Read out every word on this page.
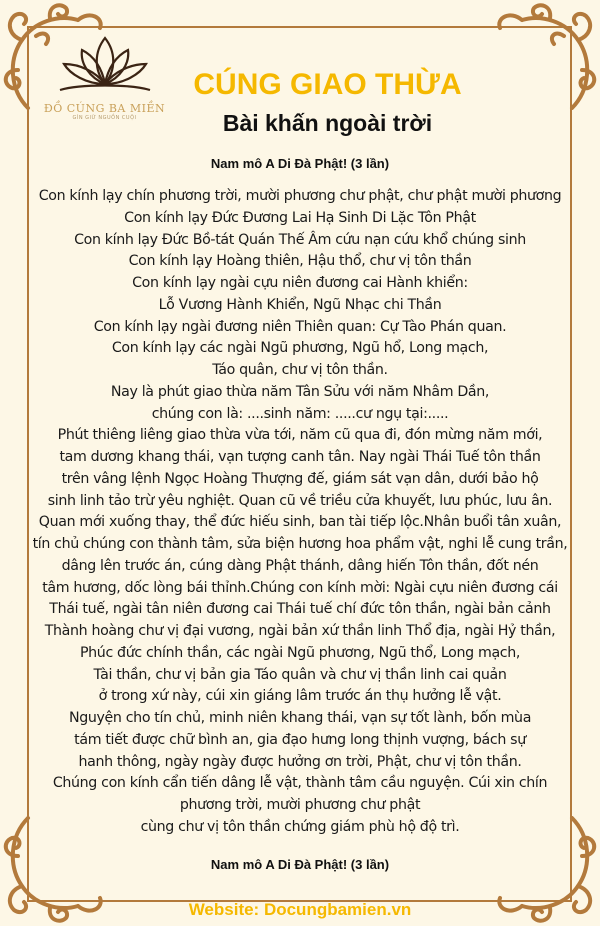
ĐỒ CÚNG BA MIỀN
GÌN GIỮ NGUỒN CUỘI
CÚNG GIAO THỪA
Bài khấn ngoài trời
Nam mô A Di Đà Phật! (3 lần)
Con kính lạy chín phương trời, mười phương chư phật, chư phật mười phương
Con kính lạy Đức Đương Lai Hạ Sinh Di Lặc Tôn Phật
Con kính lạy Đức Bồ-tát Quán Thế Âm cứu nạn cứu khổ chúng sinh
Con kính lạy Hoàng thiên, Hậu thổ, chư vị tôn thần
Con kính lạy ngài cựu niên đương cai Hành khiển:
Lỗ Vương Hành Khiển, Ngũ Nhạc chi Thần
Con kính lạy ngài đương niên Thiên quan: Cự Tào Phán quan.
Con kính lạy các ngài Ngũ phương, Ngũ hổ, Long mạch,
Táo quân, chư vị tôn thần.
Nay là phút giao thừa năm Tân Sửu với năm Nhâm Dần,
chúng con là: ....sinh năm: .....cư ngụ tại:.....
Phút thiêng liêng giao thừa vừa tới, năm cũ qua đi, đón mừng năm mới,
tam dương khang thái, vạn tượng canh tân. Nay ngài Thái Tuế tôn thần
trên vâng lệnh Ngọc Hoàng Thượng đế, giám sát vạn dân, dưới bảo hộ
sinh linh tảo trừ yêu nghiệt. Quan cũ về triều cửa khuyết, lưu phúc, lưu ân.
Quan mới xuống thay, thể đức hiếu sinh, ban tài tiếp lộc.Nhân buổi tân xuân,
tín chủ chúng con thành tâm, sửa biện hương hoa phẩm vật, nghi lễ cung trần,
dâng lên trước án, cúng dàng Phật thánh, dâng hiến Tôn thần, đốt nén
tâm hương, dốc lòng bái thỉnh.Chúng con kính mời: Ngài cựu niên đương cái
Thái tuế, ngài tân niên đương cai Thái tuế chí đức tôn thần, ngài bản cảnh
Thành hoàng chư vị đại vương, ngài bản xứ thần linh Thổ địa, ngài Hỷ thần,
Phúc đức chính thần, các ngài Ngũ phương, Ngũ thổ, Long mạch,
Tài thần, chư vị bản gia Táo quân và chư vị thần linh cai quản
ở trong xứ này, cúi xin giáng lâm trước án thụ hưởng lễ vật.
Nguyện cho tín chủ, minh niên khang thái, vạn sự tốt lành, bốn mùa
tám tiết được chữ bình an, gia đạo hưng long thịnh vượng, bách sự
hanh thông, ngày ngày được hưởng ơn trời, Phật, chư vị tôn thần.
Chúng con kính cẩn tiến dâng lễ vật, thành tâm cầu nguyện. Cúi xin chín
phương trời, mười phương chư phật
cùng chư vị tôn thần chứng giám phù hộ độ trì.
Nam mô A Di Đà Phật! (3 lần)
Website: Docungbamien.vn
